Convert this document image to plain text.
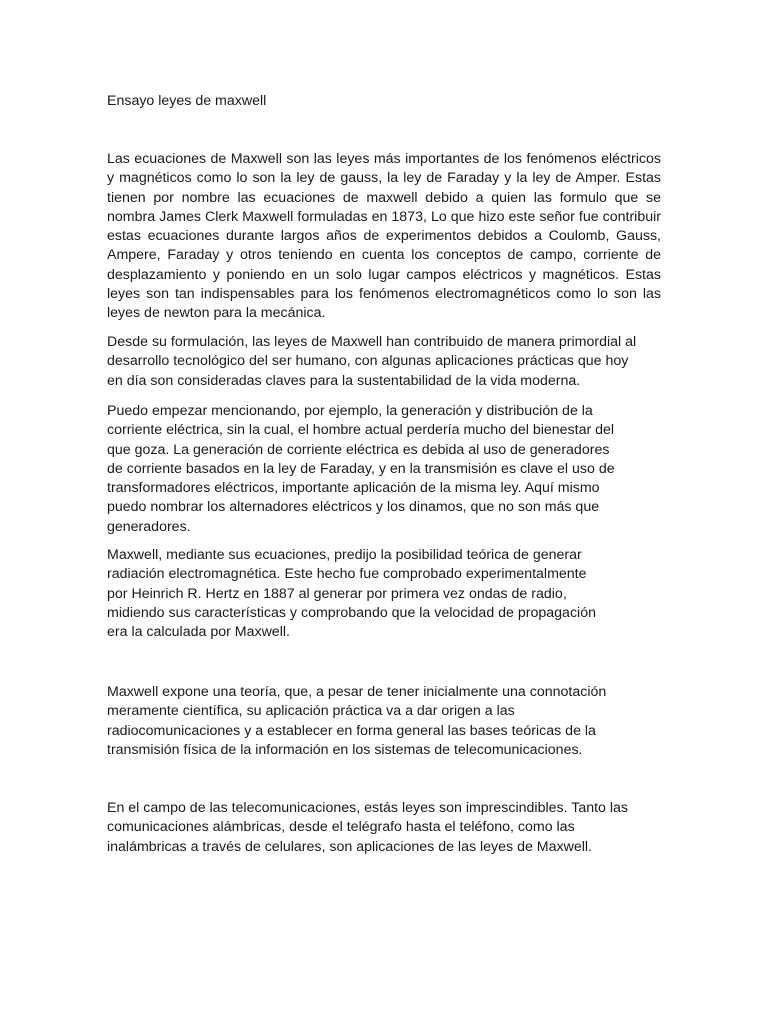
Ensayo leyes de maxwell

Las ecuaciones de Maxwell son las leyes más importantes de los fenómenos eléctricos y magnéticos como lo son la ley de gauss, la ley de Faraday y la ley de Amper. Estas tienen por nombre las ecuaciones de maxwell debido a quien las formulo que se nombra James Clerk Maxwell formuladas en 1873, Lo que hizo este señor fue contribuir estas ecuaciones durante largos años de experimentos debidos a Coulomb, Gauss, Ampere, Faraday y otros teniendo en cuenta los conceptos de campo, corriente de desplazamiento y poniendo en un solo lugar campos eléctricos y magnéticos. Estas leyes son tan indispensables para los fenómenos electromagnéticos como lo son las leyes de newton para la mecánica.

Desde su formulación, las leyes de Maxwell han contribuido de manera primordial al desarrollo tecnológico del ser humano, con algunas aplicaciones prácticas que hoy en día son consideradas claves para la sustentabilidad de la vida moderna.

Puedo empezar mencionando, por ejemplo, la generación y distribución de la corriente eléctrica, sin la cual, el hombre actual perdería mucho del bienestar del que goza. La generación de corriente eléctrica es debida al uso de generadores de corriente basados en la ley de Faraday, y en la transmisión es clave el uso de transformadores eléctricos, importante aplicación de la misma ley. Aquí mismo puedo nombrar los alternadores eléctricos y los dinamos, que no son más que generadores.

Maxwell, mediante sus ecuaciones, predijo la posibilidad teórica de generar radiación electromagnética. Este hecho fue comprobado experimentalmente por Heinrich R. Hertz en 1887 al generar por primera vez ondas de radio, midiendo sus características y comprobando que la velocidad de propagación era la calculada por Maxwell.

Maxwell expone una teoría, que, a pesar de tener inicialmente una connotación meramente científica, su aplicación práctica va a dar origen a las radiocomunicaciones y a establecer en forma general las bases teóricas de la transmisión física de la información en los sistemas de telecomunicaciones.

En el campo de las telecomunicaciones, estás leyes son imprescindibles. Tanto las comunicaciones alámbricas, desde el telégrafo hasta el teléfono, como las inalámbricas a través de celulares, son aplicaciones de las leyes de Maxwell.
